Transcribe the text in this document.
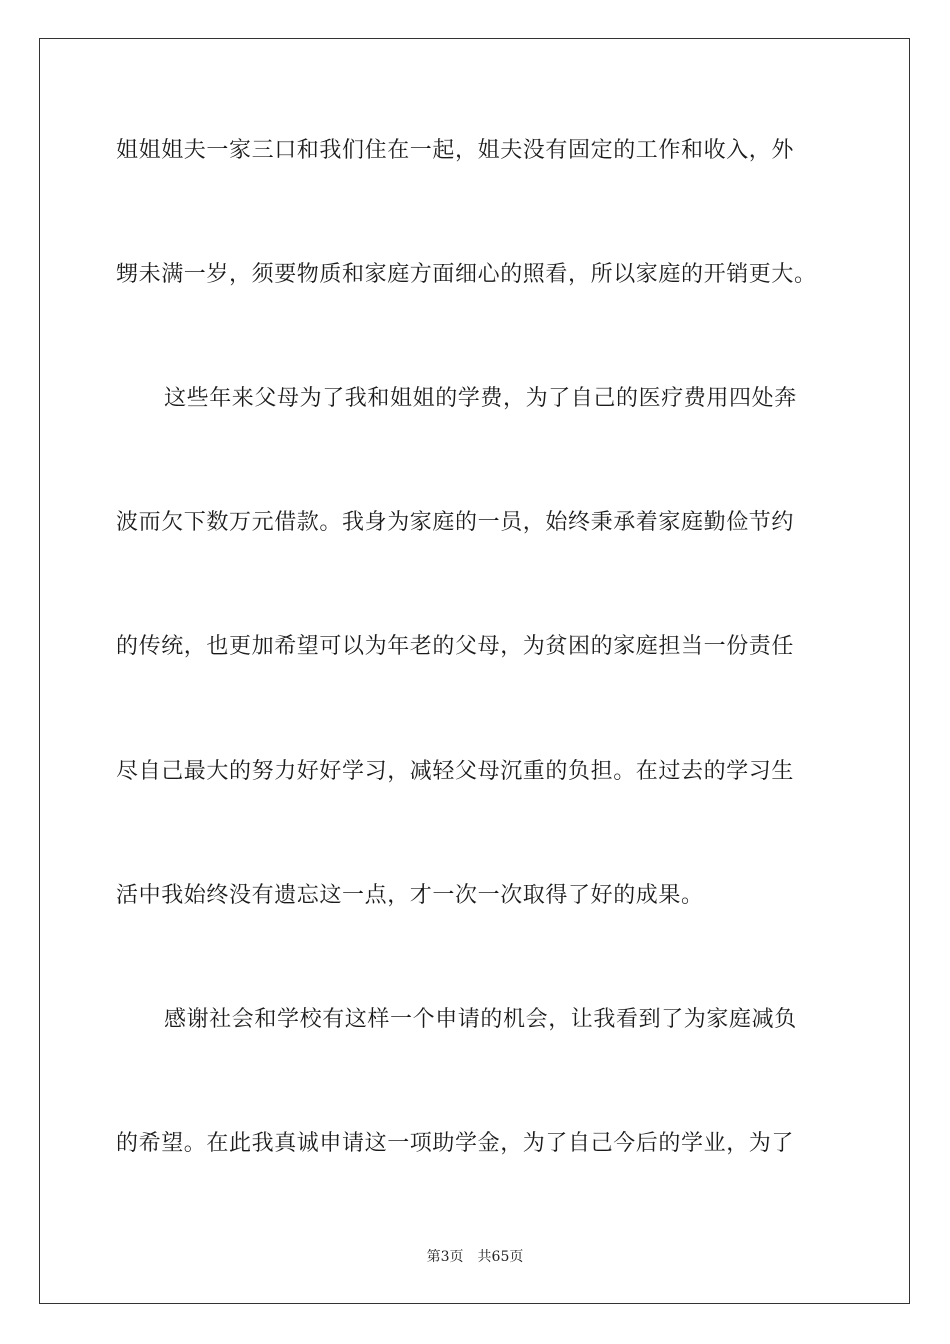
姐姐姐夫一家三口和我们住在一起，姐夫没有固定的工作和收入，外
甥未满一岁，须要物质和家庭方面细心的照看，所以家庭的开销更大。
这些年来父母为了我和姐姐的学费，为了自己的医疗费用四处奔
波而欠下数万元借款。我身为家庭的一员，始终秉承着家庭勤俭节约
的传统，也更加希望可以为年老的父母，为贫困的家庭担当一份责任
尽自己最大的努力好好学习，减轻父母沉重的负担。在过去的学习生
活中我始终没有遗忘这一点，才一次一次取得了好的成果。
感谢社会和学校有这样一个申请的机会，让我看到了为家庭减负
的希望。在此我真诚申请这一项助学金，为了自己今后的学业，为了
第3页 共65页
